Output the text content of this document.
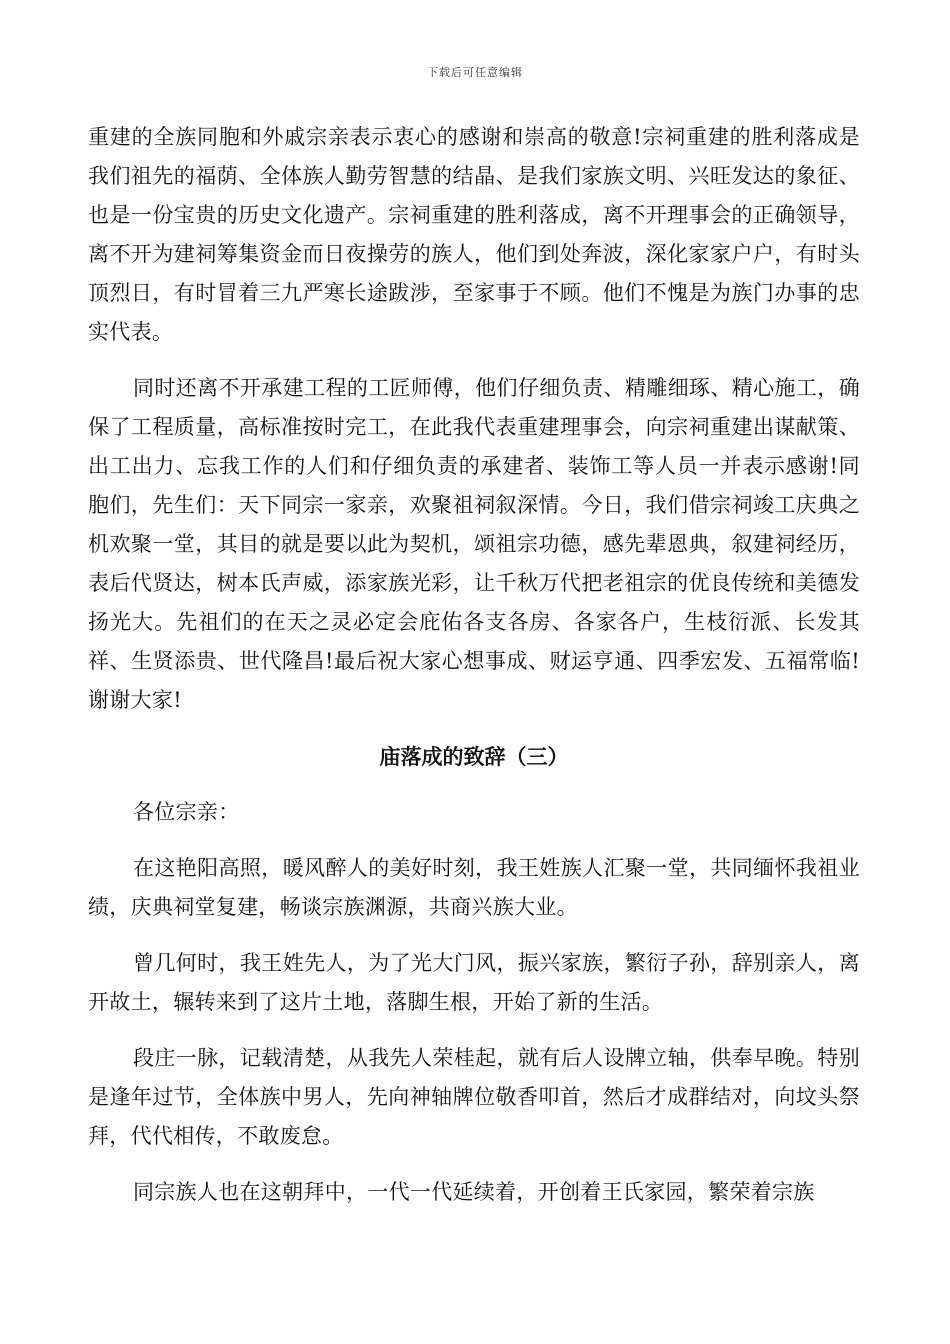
下载后可任意编辑

重建的全族同胞和外戚宗亲表示衷心的感谢和崇高的敬意!宗祠重建的胜利落成是我们祖先的福荫、全体族人勤劳智慧的结晶、是我们家族文明、兴旺发达的象征、也是一份宝贵的历史文化遗产。宗祠重建的胜利落成，离不开理事会的正确领导，离不开为建祠筹集资金而日夜操劳的族人，他们到处奔波，深化家家户户，有时头顶烈日，有时冒着三九严寒长途跋涉，至家事于不顾。他们不愧是为族门办事的忠实代表。

同时还离不开承建工程的工匠师傅，他们仔细负责、精雕细琢、精心施工，确保了工程质量，高标准按时完工，在此我代表重建理事会，向宗祠重建出谋献策、出工出力、忘我工作的人们和仔细负责的承建者、装饰工等人员一并表示感谢!同胞们，先生们：天下同宗一家亲，欢聚祖祠叙深情。今日，我们借宗祠竣工庆典之机欢聚一堂，其目的就是要以此为契机，颂祖宗功德，感先辈恩典，叙建祠经历，表后代贤达，树本氏声威，添家族光彩，让千秋万代把老祖宗的优良传统和美德发扬光大。先祖们的在天之灵必定会庇佑各支各房、各家各户，生枝衍派、长发其祥、生贤添贵、世代隆昌!最后祝大家心想事成、财运亨通、四季宏发、五福常临!谢谢大家!

庙落成的致辞（三）

各位宗亲：

在这艳阳高照，暖风醉人的美好时刻，我王姓族人汇聚一堂，共同缅怀我祖业绩，庆典祠堂复建，畅谈宗族渊源，共商兴族大业。

曾几何时，我王姓先人，为了光大门风，振兴家族，繁衍子孙，辞别亲人，离开故土，辗转来到了这片土地，落脚生根，开始了新的生活。

段庄一脉，记载清楚，从我先人荣桂起，就有后人设牌立轴，供奉早晚。特别是逢年过节，全体族中男人，先向神轴牌位敬香叩首，然后才成群结对，向坟头祭拜，代代相传，不敢废怠。

同宗族人也在这朝拜中，一代一代延续着，开创着王氏家园，繁荣着宗族
